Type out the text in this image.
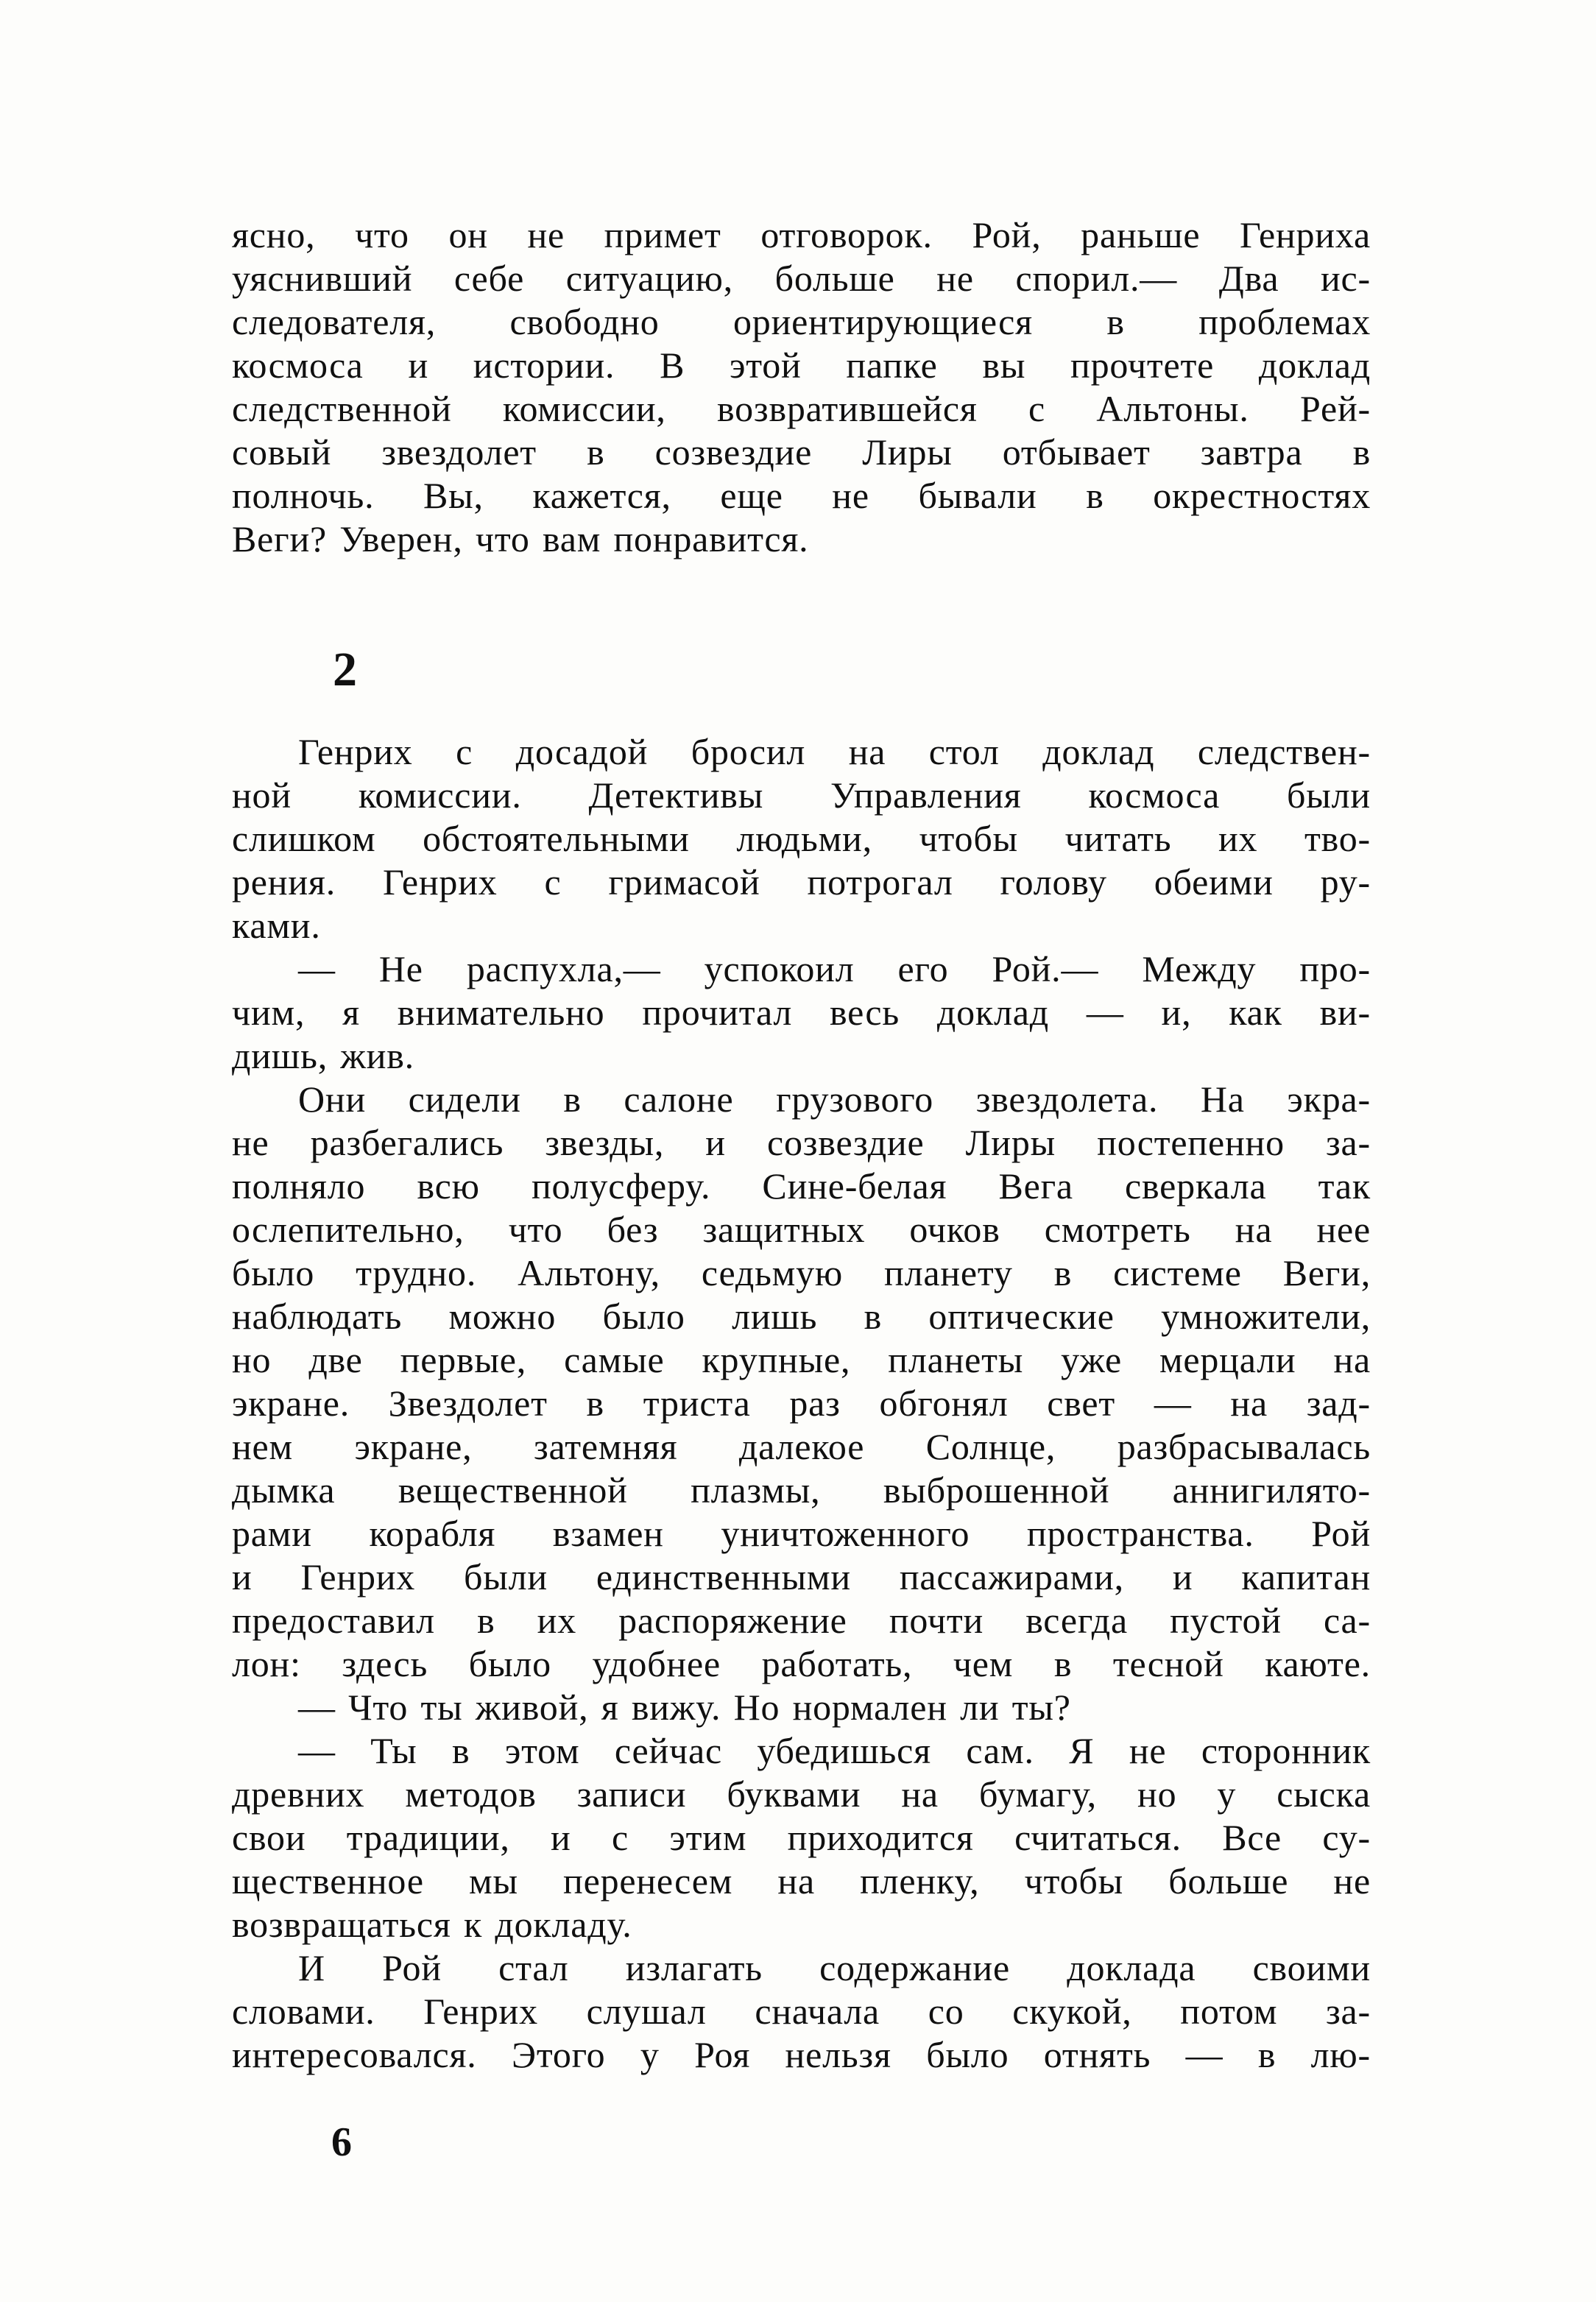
ясно, что он не примет отговорок. Рой, раньше Генриха
уяснивший себе ситуацию, больше не спорил.— Два ис-
следователя, свободно ориентирующиеся в проблемах
космоса и истории. В этой папке вы прочтете доклад
следственной комиссии, возвратившейся с Альтоны. Рей-
совый звездолет в созвездие Лиры отбывает завтра в
полночь. Вы, кажется, еще не бывали в окрестностях
Веги? Уверен, что вам понравится.
2
Генрих с досадой бросил на стол доклад следствен-
ной комиссии. Детективы Управления космоса были
слишком обстоятельными людьми, чтобы читать их тво-
рения. Генрих с гримасой потрогал голову обеими ру-
ками.
— Не распухла,— успокоил его Рой.— Между про-
чим, я внимательно прочитал весь доклад — и, как ви-
дишь, жив.
Они сидели в салоне грузового звездолета. На экра-
не разбегались звезды, и созвездие Лиры постепенно за-
полняло всю полусферу. Сине-белая Вега сверкала так
ослепительно, что без защитных очков смотреть на нее
было трудно. Альтону, седьмую планету в системе Веги,
наблюдать можно было лишь в оптические умножители,
но две первые, самые крупные, планеты уже мерцали на
экране. Звездолет в триста раз обгонял свет — на зад-
нем экране, затемняя далекое Солнце, разбрасывалась
дымка вещественной плазмы, выброшенной аннигилято-
рами корабля взамен уничтоженного пространства. Рой
и Генрих были единственными пассажирами, и капитан
предоставил в их распоряжение почти всегда пустой са-
лон: здесь было удобнее работать, чем в тесной каюте.
— Что ты живой, я вижу. Но нормален ли ты?
— Ты в этом сейчас убедишься сам. Я не сторонник
древних методов записи буквами на бумагу, но у сыска
свои традиции, и с этим приходится считаться. Все су-
щественное мы перенесем на пленку, чтобы больше не
возвращаться к докладу.
И Рой стал излагать содержание доклада своими
словами. Генрих слушал сначала со скукой, потом за-
интересовался. Этого у Роя нельзя было отнять — в лю-
6
